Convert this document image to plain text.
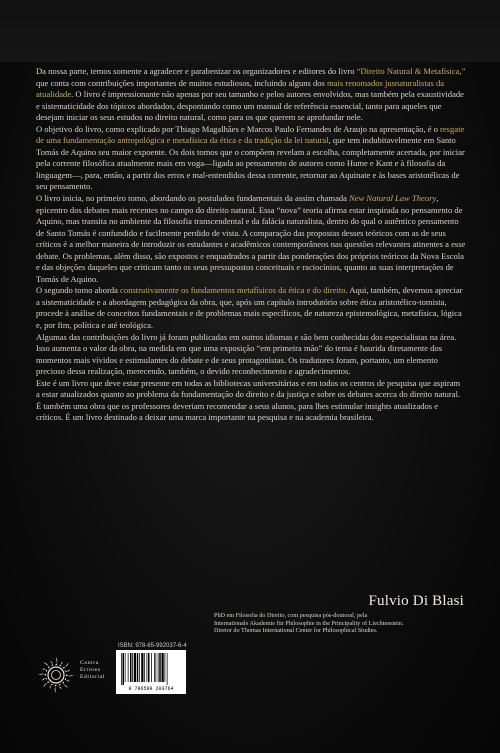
Da nossa parte, temos somente a agradecer e parabenizar os organizadores e editores do livro “Direito Natural & Metafísica,” que conta com contribuições importantes de muitos estudiosos, incluindo alguns dos mais renomados jusnaturalistas da atualidade. O livro é impressionante não apenas por seu tamanho e pelos autores envolvidos, mas também pela exaustividade e sistematicidade dos tópicos abordados, despontando como um manual de referência essencial, tanto para aqueles que desejam iniciar os seus estudos no direito natural, como para os que querem se aprofundar nele.

O objetivo do livro, como explicado por Thiago Magalhães e Marcos Paulo Fernandes de Araujo na apresentação, é o resgate de uma fundamentação antropológica e metafísica da ética e da tradição da lei natural, que tem indubitavelmente em Santo Tomás de Aquino seu maior expoente. Os dois tomos que o compõem revelam a escolha, completamente acertada, por iniciar pela corrente filosófica atualmente mais em voga—ligada ao pensamento de autores como Hume e Kant e à filosofia da linguagem—, para, então, a partir dos erros e mal-entendidos dessa corrente, retornar ao Aquinate e às bases aristotélicas de seu pensamento.

O livro inicia, no primeiro tomo, abordando os postulados fundamentais da assim chamada New Natural Law Theory, epicentro dos debates mais recentes no campo do direito natural. Essa “nova” teoria afirma estar inspirada no pensamento de Aquino, mas transita no ambiente da filosofia transcendental e da falácia naturalista, dentro do qual o autêntico pensamento de Santo Tomás é confundido e facilmente perdido de vista. A comparação das propostas desses teóricos com as de seus críticos é a melhor maneira de introduzir os estudantes e acadêmicos contemporâneos nas questões relevantes atinentes a esse debate. Os problemas, além disso, são expostos e enquadrados a partir das ponderações dos próprios teóricos da Nova Escola e das objeções daqueles que criticam tanto os seus pressupostos conceituais e raciocínios, quanto as suas interpretações de Tomás de Aquino.

O segundo tomo aborda construtivamente os fundamentos metafísicos da ética e do direito. Aqui, também, devemos apreciar a sistematicidade e a abordagem pedagógica da obra, que, após um capítulo introdutório sobre ética aristotélico-tomista, procede à análise de conceitos fundamentais e de problemas mais específicos, de natureza epistemológica, metafísica, lógica e, por fim, política e até teológica.

Algumas das contribuições do livro já foram publicadas em outros idiomas e são bem conhecidas dos especialistas na área. Isso aumenta o valor da obra, na medida em que uma exposição “em primeira mão” do tema é haurida diretamente dos momentos mais vívidos e estimulantes do debate e de seus protagonistas. Os tradutores foram, portanto, um elemento precioso dessa realização, merecendo, também, o devido reconhecimento e agradecimentos.

Este é um livro que deve estar presente em todas as bibliotecas universitárias e em todos os centros de pesquisa que aspiram a estar atualizados quanto ao problema da fundamentação do direito e da justiça e sobre os debates acerca do direito natural. É também uma obra que os professores deveriam recomendar a seus alunos, para lhes estimular insights atualizados e críticos. É um livro destinado a deixar uma marca importante na pesquisa e na academia brasileira.

Fulvio Di Blasi
PhD em Filosofia do Direito, com pesquisa pós-doutoral, pela
Internationale Akademie für Philosophie in the Principality of Liechtenstein.
Diretor do Thomas International Center for Philosophical Studies.
Contra
Errores
Editorial
ISBN: 978-65-992037-6-4
9 786599 203764
